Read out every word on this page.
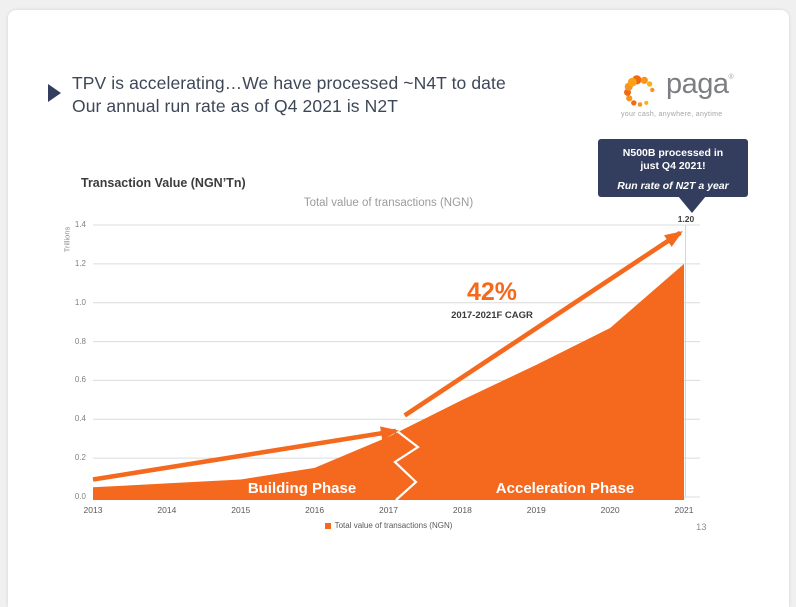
TPV is accelerating…We have processed ~N4T to date
Our annual run rate as of Q4 2021 is N2T
paga®
your cash, anywhere, anytime
N500B processed in
just Q4 2021!
Run rate of N2T a year
Transaction Value (NGN’Tn)
Total value of transactions (NGN)
Trillions
42%
2017-2021F CAGR
Building Phase	Acceleration Phase
1.20
Total value of transactions (NGN)	13
0.0
0.2
0.4
0.6
0.8
1.0
1.2
1.4
2013	2014	2015	2016	2017	2018	2019	2020	2021
